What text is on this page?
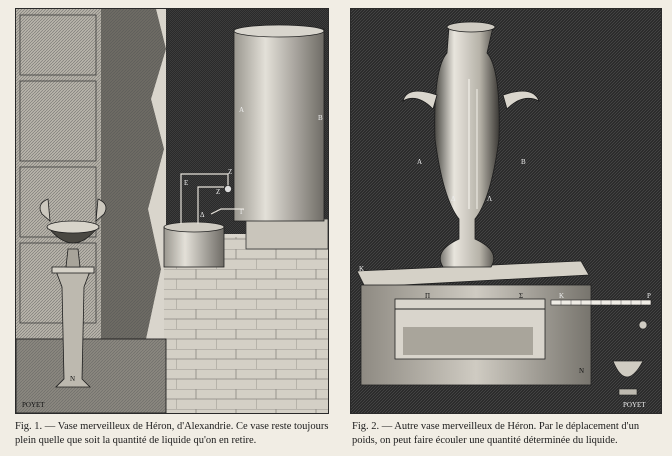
POYET
A
B
E
Z
Z
Δ	Γ
N
POYET
A	B
Δ	Λ
K
Π	Σ	K	P
N
Fig. 1. — Vase merveilleux de Héron, d'Alexandrie. Ce vase reste toujours plein quelle que soit la quantité de liquide qu'on en retire.
Fig. 2. — Autre vase merveilleux de Héron. Par le déplacement d'un poids, on peut faire écouler une quantité déterminée du liquide.
